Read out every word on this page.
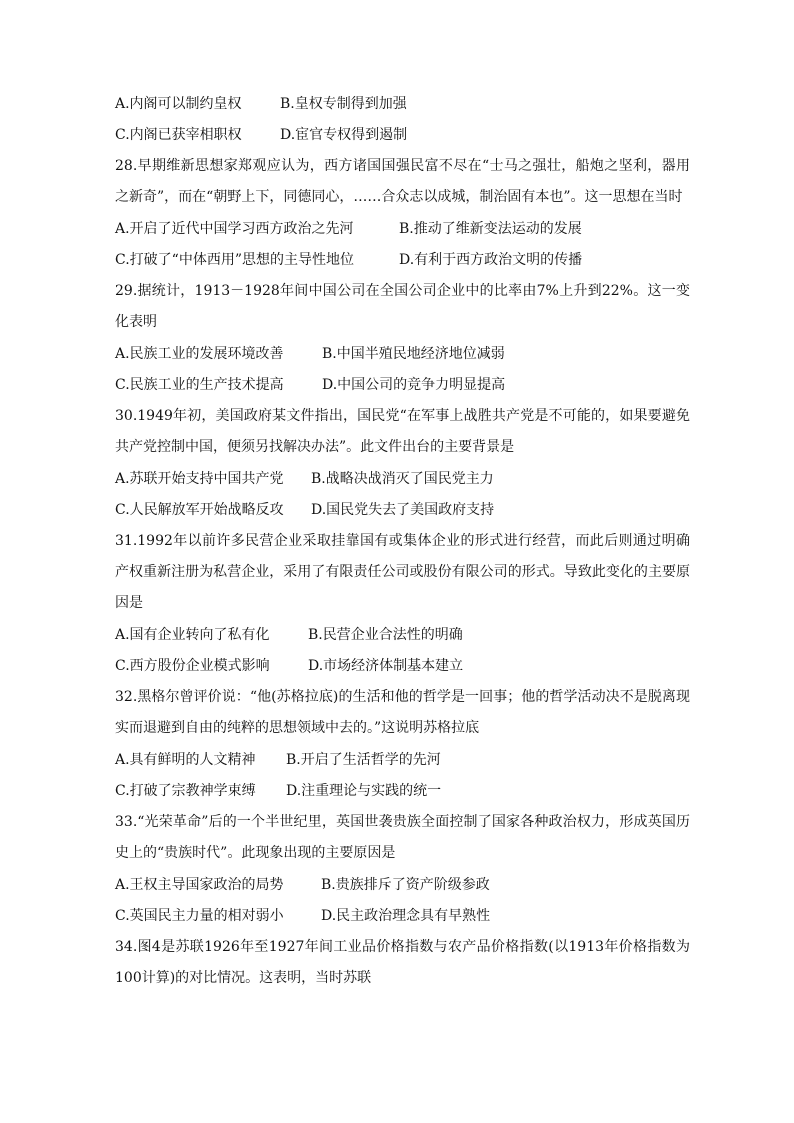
A.内阁可以制约皇权	B.皇权专制得到加强
C.内阁已获宰相职权	D.宦官专权得到遏制
28.早期维新思想家郑观应认为，西方诸国国强民富不尽在“士马之强壮，船炮之坚利，器用之新奇”，而在“朝野上下，同德同心，……合众志以成城，制治固有本也”。这一思想在当时
A.开启了近代中国学习西方政治之先河	B.推动了维新变法运动的发展
C.打破了“中体西用”思想的主导性地位	D.有利于西方政治文明的传播
29.据统计，1913－1928年间中国公司在全国公司企业中的比率由7%上升到22%。这一变化表明
A.民族工业的发展环境改善	B.中国半殖民地经济地位减弱
C.民族工业的生产技术提高	D.中国公司的竞争力明显提高
30.1949年初，美国政府某文件指出，国民党“在军事上战胜共产党是不可能的，如果要避免共产党控制中国，便须另找解决办法”。此文件出台的主要背景是
A.苏联开始支持中国共产党 B.战略决战消灭了国民党主力
C.人民解放军开始战略反攻 D.国民党失去了美国政府支持
31.1992年以前许多民营企业采取挂靠国有或集体企业的形式进行经营，而此后则通过明确产权重新注册为私营企业，采用了有限责任公司或股份有限公司的形式。导致此变化的主要原因是
A.国有企业转向了私有化	B.民营企业合法性的明确
C.西方股份企业模式影响	D.市场经济体制基本建立
32.黑格尔曾评价说：“他(苏格拉底)的生活和他的哲学是一回事；他的哲学活动决不是脱离现实而退避到自由的纯粹的思想领域中去的。”这说明苏格拉底
A.具有鲜明的人文精神 B.开启了生活哲学的先河
C.打破了宗教神学束缚 D.注重理论与实践的统一
33.“光荣革命”后的一个半世纪里，英国世袭贵族全面控制了国家各种政治权力，形成英国历史上的“贵族时代”。此现象出现的主要原因是
A.王权主导国家政治的局势	B.贵族排斥了资产阶级参政
C.英国民主力量的相对弱小	D.民主政治理念具有早熟性
34.图4是苏联1926年至1927年间工业品价格指数与农产品价格指数(以1913年价格指数为100计算)的对比情况。这表明，当时苏联
